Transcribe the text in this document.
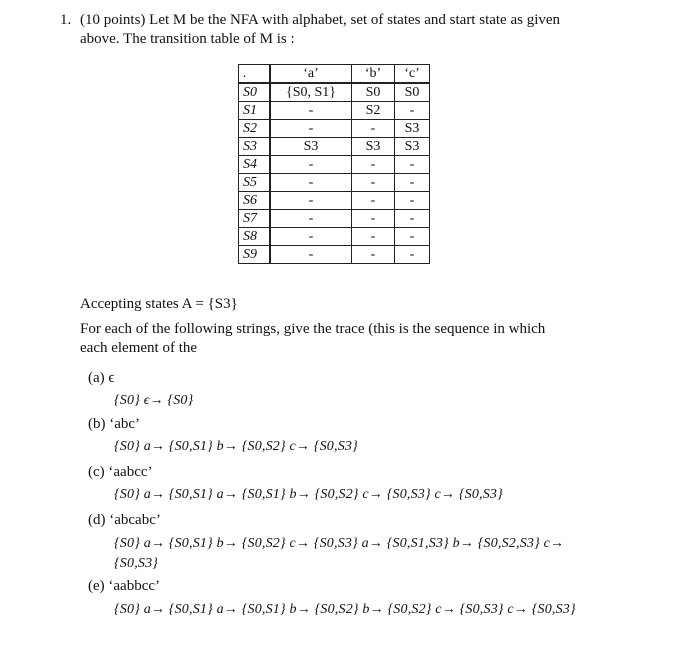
1. (10 points) Let M be the NFA with alphabet, set of states and start state as given
above. The transition table of M is :
.	‘a’	‘b’	‘c’
S0	{S0, S1}	S0	S0
S1	-	S2	-
S2	-	-	S3
S3	S3	S3	S3
S4	-	-	-
S5	-	-	-
S6	-	-	-
S7	-	-	-
S8	-	-	-
S9	-	-	-
Accepting states A = {S3}
For each of the following strings, give the trace (this is the sequence in which
each element of the
(a) ϵ
{S0} ϵ→ {S0}
(b) ‘abc’
{S0} a→ {S0,S1} b→ {S0,S2} c→ {S0,S3}
(c) ‘aabcc’
{S0} a→ {S0,S1} a→ {S0,S1} b→ {S0,S2} c→ {S0,S3} c→ {S0,S3}
(d) ‘abcabc’
{S0} a→ {S0,S1} b→ {S0,S2} c→ {S0,S3} a→ {S0,S1,S3} b→ {S0,S2,S3} c→
{S0,S3}
(e) ‘aabbcc’
{S0} a→ {S0,S1} a→ {S0,S1} b→ {S0,S2} b→ {S0,S2} c→ {S0,S3} c→ {S0,S3}
